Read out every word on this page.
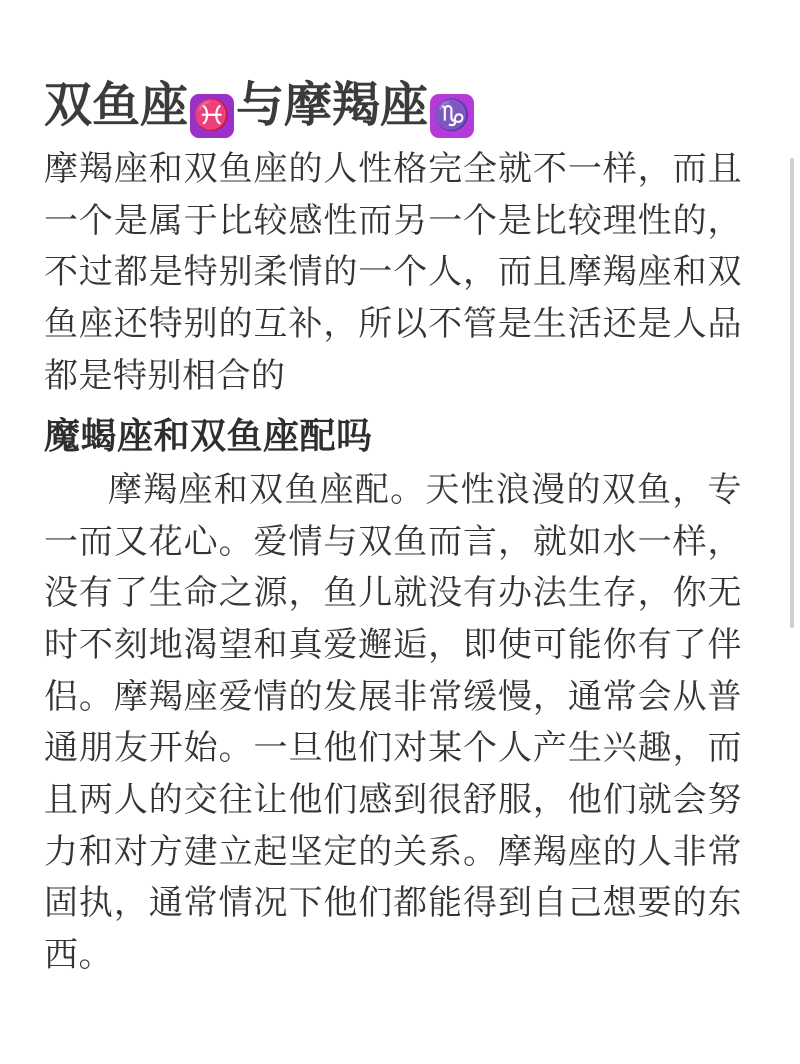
双鱼座 ♓ 与摩羯座 ♑

摩羯座和双鱼座的人性格完全就不一样，而且一个是属于比较感性而另一个是比较理性的，不过都是特别柔情的一个人，而且摩羯座和双鱼座还特别的互补，所以不管是生活还是人品都是特别相合的

魔蝎座和双鱼座配吗

摩羯座和双鱼座配。天性浪漫的双鱼，专一而又花心。爱情与双鱼而言，就如水一样，没有了生命之源，鱼儿就没有办法生存，你无时不刻地渴望和真爱邂逅，即使可能你有了伴侣。摩羯座爱情的发展非常缓慢，通常会从普通朋友开始。一旦他们对某个人产生兴趣，而且两人的交往让他们感到很舒服，他们就会努力和对方建立起坚定的关系。摩羯座的人非常固执，通常情况下他们都能得到自己想要的东西。
